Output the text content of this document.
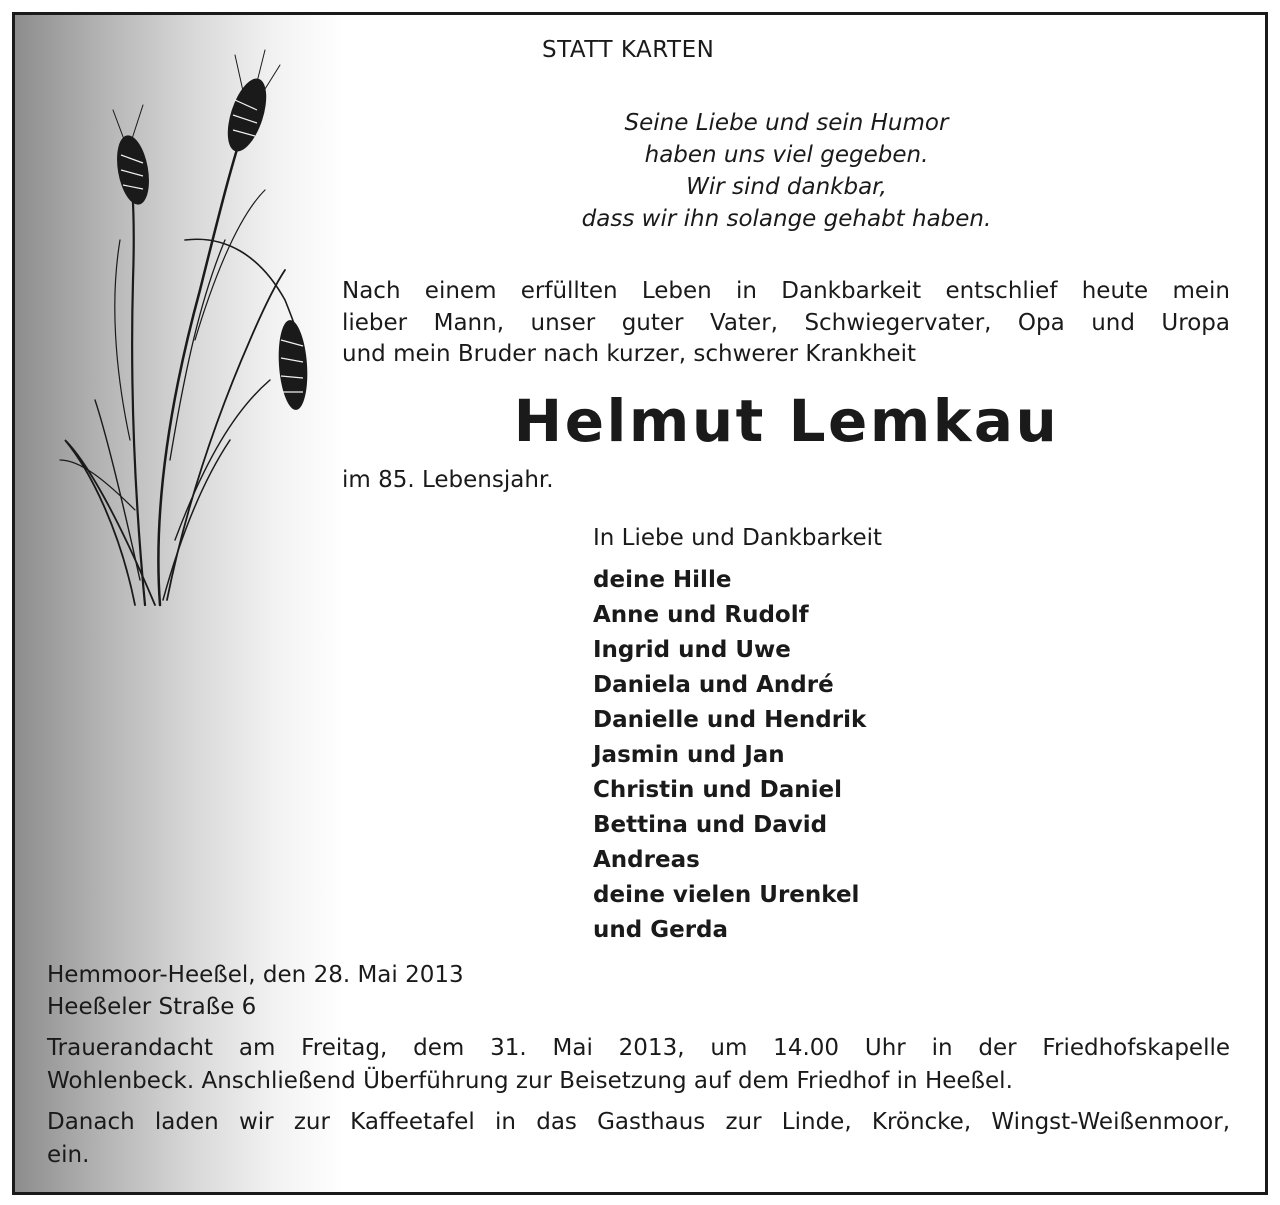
STATT KARTEN
Seine Liebe und sein Humor
haben uns viel gegeben.
Wir sind dankbar,
dass wir ihn solange gehabt haben.
Nach einem erfüllten Leben in Dankbarkeit entschlief heute mein
lieber Mann, unser guter Vater, Schwiegervater, Opa und Uropa
und mein Bruder nach kurzer, schwerer Krankheit
Helmut Lemkau
im 85. Lebensjahr.
In Liebe und Dankbarkeit
deine Hille
Anne und Rudolf
Ingrid und Uwe
Daniela und André
Danielle und Hendrik
Jasmin und Jan
Christin und Daniel
Bettina und David
Andreas
deine vielen Urenkel
und Gerda
Hemmoor-Heeßel, den 28. Mai 2013
Heeßeler Straße 6
Trauerandacht am Freitag, dem 31. Mai 2013, um 14.00 Uhr in der Friedhofskapelle
Wohlenbeck. Anschließend Überführung zur Beisetzung auf dem Friedhof in Heeßel.
Danach laden wir zur Kaffeetafel in das Gasthaus zur Linde, Kröncke, Wingst-Weißenmoor,
ein.
